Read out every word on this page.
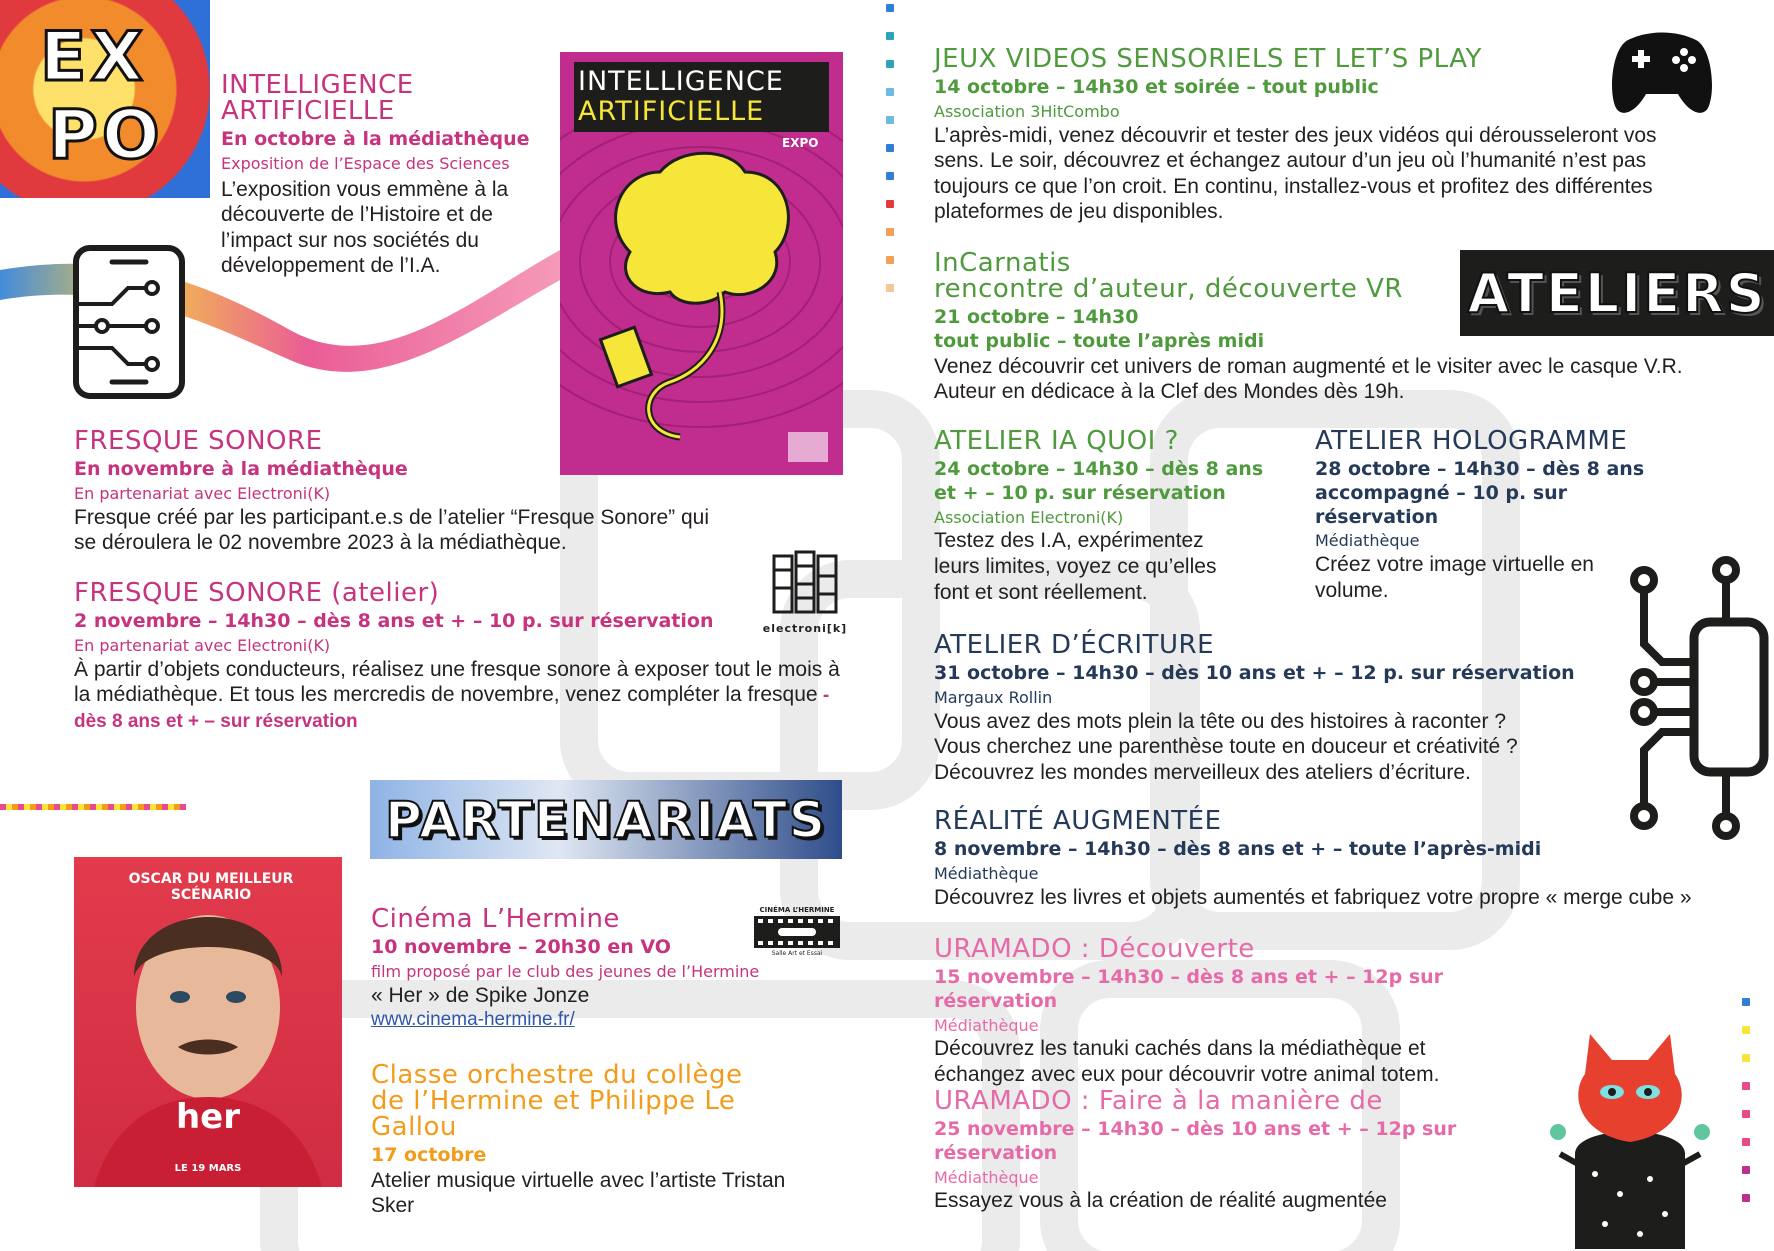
EX
PO
INTELLIGENCE ARTIFICIELLE
En octobre à la médiathèque
Exposition de l’Espace des Sciences
L’exposition vous emmène à la découverte de l’Histoire et de l’impact sur nos sociétés du développement de l’I.A.
INTELLIGENCE
ARTIFICIELLE
EXPO
FRESQUE SONORE
En novembre à la médiathèque
En partenariat avec Electroni(K)
Fresque créé par les participant.e.s de l’atelier “Fresque Sonore” qui se déroulera le 02 novembre 2023 à la médiathèque.
FRESQUE SONORE (atelier)
2 novembre – 14h30 – dès 8 ans et + – 10 p. sur réservation
En partenariat avec Electroni(K)
À partir d’objets conducteurs, réalisez une fresque sonore à exposer tout le mois à la médiathèque. Et tous les mercredis de novembre, venez compléter la fresque - dès 8 ans et + – sur réservation
electroni[k]
PARTENARIATS
OSCAR DU MEILLEUR SCÉNARIO
her
LE 19 MARS
Cinéma L’Hermine
10 novembre – 20h30 en VO
film proposé par le club des jeunes de l’Hermine
« Her » de Spike Jonze
www.cinema-hermine.fr/
CINÉMA L’HERMINE
Salle Art et Essai
Classe orchestre du collège de l’Hermine et Philippe Le Gallou
17 octobre
Atelier musique virtuelle avec l’artiste Tristan Sker
JEUX VIDEOS SENSORIELS ET LET’S PLAY
14 octobre – 14h30 et soirée – tout public
Association 3HitCombo
L’après-midi, venez découvrir et tester des jeux vidéos qui dérousseleront vos sens. Le soir, découvrez et échangez autour d’un jeu où l’humanité n’est pas toujours ce que l’on croit. En continu, installez-vous et profitez des différentes plateformes de jeu disponibles.
InCarnatis
rencontre d’auteur, découverte VR
21 octobre – 14h30
tout public – toute l’après midi
Venez découvrir cet univers de roman augmenté et le visiter avec le casque V.R. Auteur en dédicace à la Clef des Mondes dès 19h.
ATELIERS
ATELIER IA QUOI ?
24 octobre – 14h30 – dès 8 ans
et + – 10 p. sur réservation
Association Electroni(K)
Testez des I.A, expérimentez leurs limites, voyez ce qu’elles font et sont réellement.
ATELIER HOLOGRAMME
28 octobre – 14h30 – dès 8 ans
accompagné – 10 p. sur réservation
Médiathèque
Créez votre image virtuelle en volume.
ATELIER D’ÉCRITURE
31 octobre – 14h30 – dès 10 ans et + – 12 p. sur réservation
Margaux Rollin
Vous avez des mots plein la tête ou des histoires à raconter ? Vous cherchez une parenthèse toute en douceur et créativité ? Découvrez les mondes merveilleux des ateliers d’écriture.
RÉALITÉ AUGMENTÉE
8 novembre – 14h30 – dès 8 ans et + – toute l’après-midi
Médiathèque
Découvrez les livres et objets aumentés et fabriquez votre propre « merge cube »
URAMADO : Découverte
15 novembre – 14h30 – dès 8 ans et + – 12p sur réservation
Médiathèque
Découvrez les tanuki cachés dans la médiathèque et échangez avec eux pour découvrir votre animal totem.
URAMADO : Faire à la manière de
25 novembre – 14h30 – dès 10 ans et + – 12p sur réservation
Médiathèque
Essayez vous à la création de réalité augmentée
